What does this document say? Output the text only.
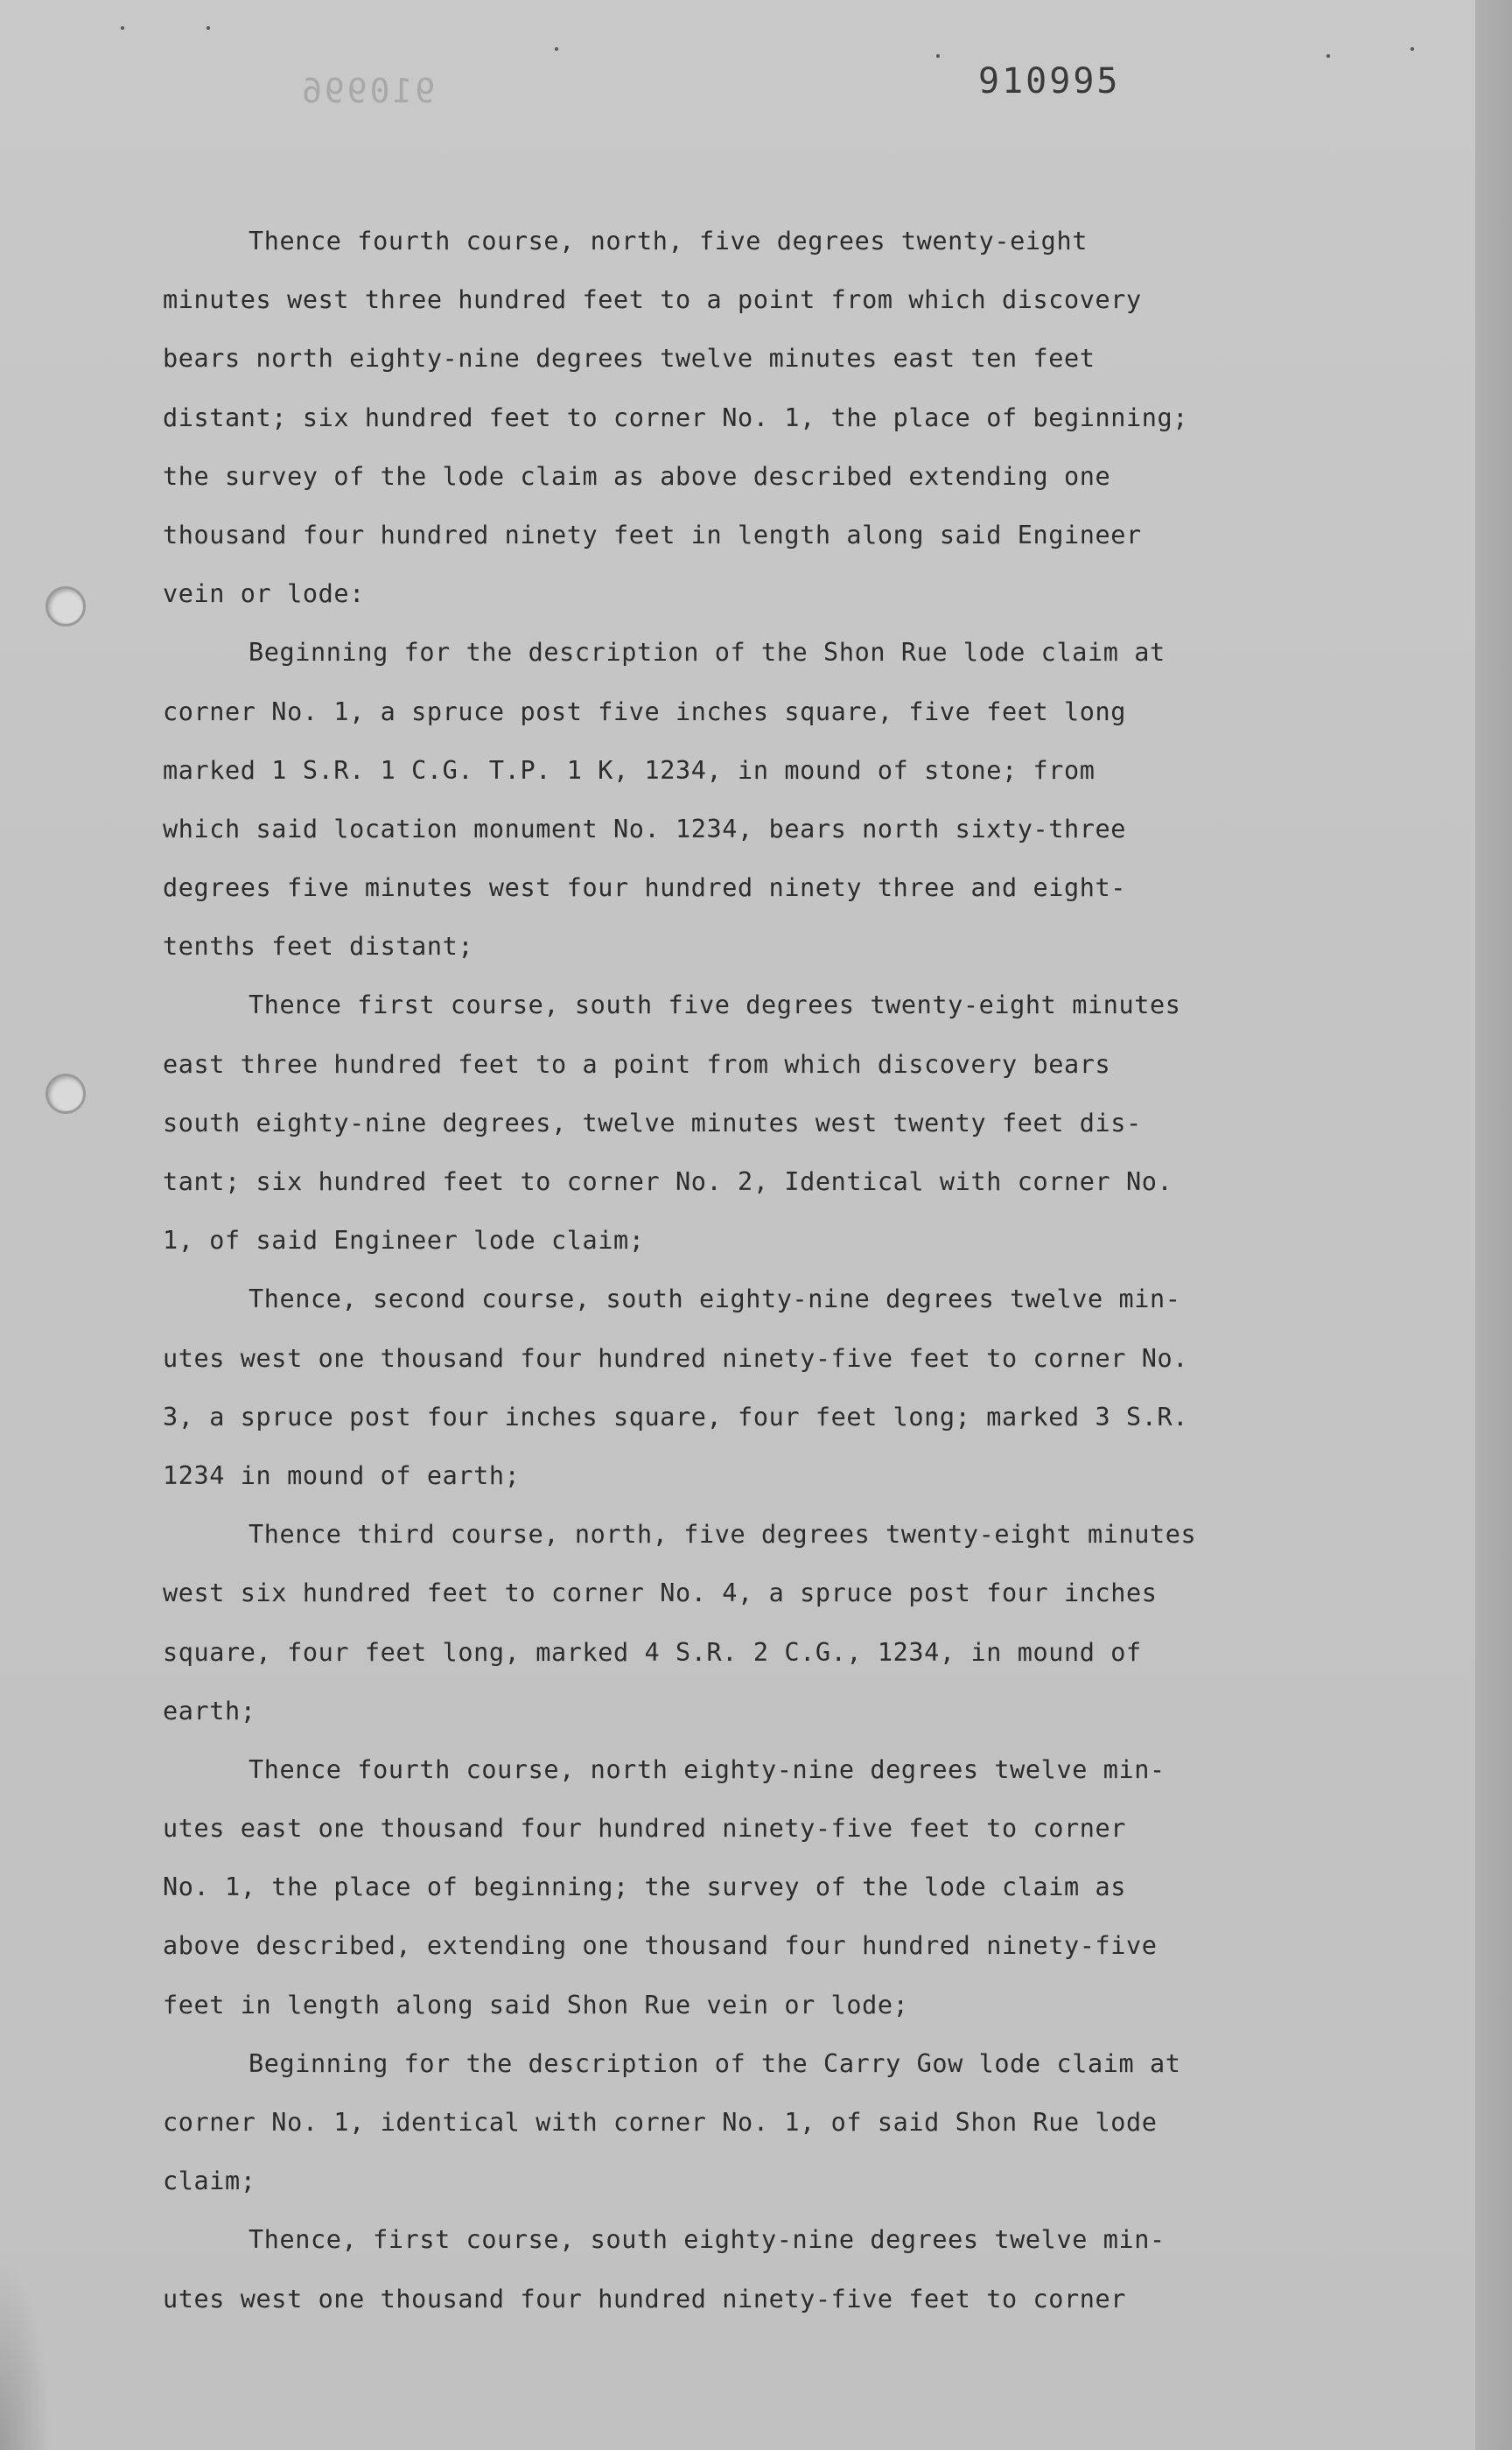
910996	910995
Thence fourth course, north, five degrees twenty-eight
minutes west three hundred feet to a point from which discovery
bears north eighty-nine degrees twelve minutes east ten feet
distant; six hundred feet to corner No. 1, the place of beginning;
the survey of the lode claim as above described extending one
thousand four hundred ninety feet in length along said Engineer
vein or lode:
Beginning for the description of the Shon Rue lode claim at
corner No. 1, a spruce post five inches square, five feet long
marked 1 S.R. 1 C.G. T.P. 1 K, 1234, in mound of stone; from
which said location monument No. 1234, bears north sixty-three
degrees five minutes west four hundred ninety three and eight-
tenths feet distant;
Thence first course, south five degrees twenty-eight minutes
east three hundred feet to a point from which discovery bears
south eighty-nine degrees, twelve minutes west twenty feet dis-
tant; six hundred feet to corner No. 2, Identical with corner No.
1, of said Engineer lode claim;
Thence, second course, south eighty-nine degrees twelve min-
utes west one thousand four hundred ninety-five feet to corner No.
3, a spruce post four inches square, four feet long; marked 3 S.R.
1234 in mound of earth;
Thence third course, north, five degrees twenty-eight minutes
west six hundred feet to corner No. 4, a spruce post four inches
square, four feet long, marked 4 S.R. 2 C.G., 1234, in mound of
earth;
Thence fourth course, north eighty-nine degrees twelve min-
utes east one thousand four hundred ninety-five feet to corner
No. 1, the place of beginning; the survey of the lode claim as
above described, extending one thousand four hundred ninety-five
feet in length along said Shon Rue vein or lode;
Beginning for the description of the Carry Gow lode claim at
corner No. 1, identical with corner No. 1, of said Shon Rue lode
claim;
Thence, first course, south eighty-nine degrees twelve min-
utes west one thousand four hundred ninety-five feet to corner
